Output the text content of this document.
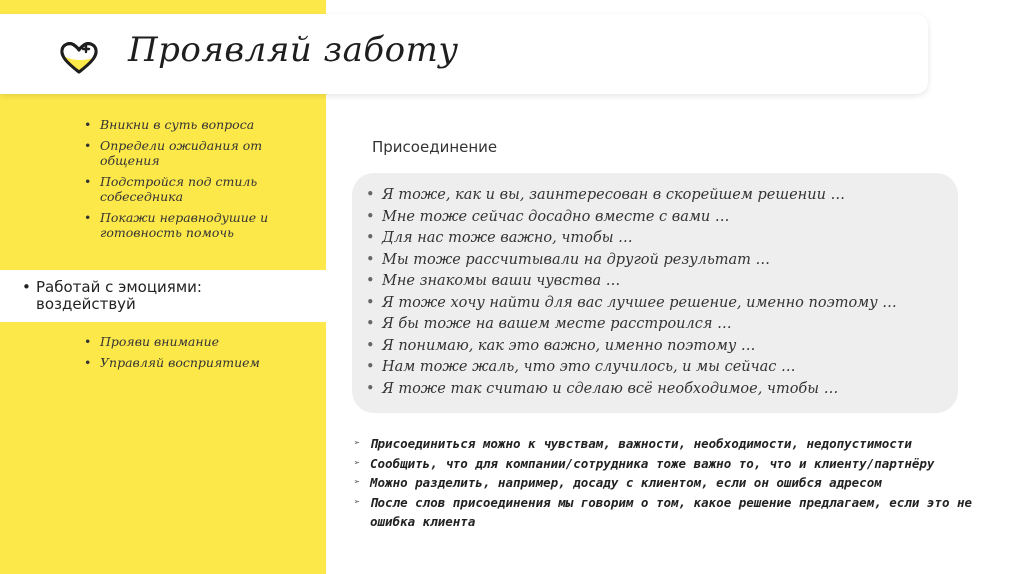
Проявляй заботу
• Вникни в суть вопроса
• Определи ожидания от общения
• Подстройся под стиль собеседника
• Покажи неравнодушие и готовность помочь
• Работай с эмоциями:
воздействуй
• Прояви внимание
• Управляй восприятием
Присоединение
• Я тоже, как и вы, заинтересован в скорейшем решении …
• Мне тоже сейчас досадно вместе с вами …
• Для нас тоже важно, чтобы …
• Мы тоже рассчитывали на другой результат …
• Мне знакомы ваши чувства …
• Я тоже хочу найти для вас лучшее решение, именно поэтому …
• Я бы тоже на вашем месте расстроился …
• Я понимаю, как это важно, именно поэтому …
• Нам тоже жаль, что это случилось, и мы сейчас …
• Я тоже так считаю и сделаю всё необходимое, чтобы …
➢ Присоединиться можно к чувствам, важности, необходимости, недопустимости
➢ Сообщить, что для компании/сотрудника тоже важно то, что и клиенту/партнёру
➢ Можно разделить, например, досаду с клиентом, если он ошибся адресом
➢ После слов присоединения мы говорим о том, какое решение предлагаем, если это не ошибка клиента
